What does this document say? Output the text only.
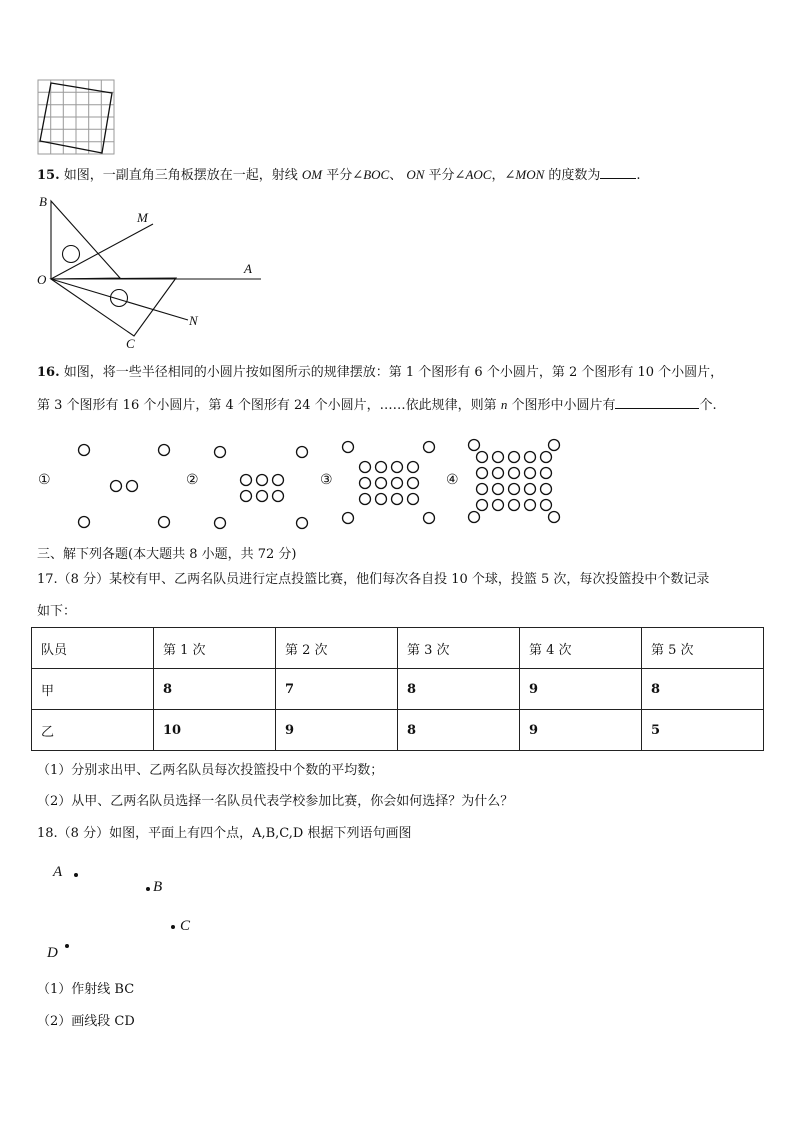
15. 如图，一副直角三角板摆放在一起，射线 OM 平分∠BOC、 ON 平分∠AOC，∠MON 的度数为	.
B
M
O
A
N
C
16. 如图，将一些半径相同的小圆片按如图所示的规律摆放：第 1 个图形有 6 个小圆片，第 2 个图形有 10 个小圆片，
第 3 个图形有 16 个小圆片，第 4 个图形有 24 个小圆片，……依此规律，则第 n 个图形中小圆片有	个.
①	②	③	④
三、解下列各题(本大题共 8 小题，共 72 分)
17.（8 分）某校有甲、乙两名队员进行定点投篮比赛，他们每次各自投 10 个球，投篮 5 次，每次投篮投中个数记录
如下：
队员	第 1 次	第 2 次	第 3 次	第 4 次	第 5 次
甲	8	7	8	9	8
乙	10	9	8	9	5
（1）分别求出甲、乙两名队员每次投篮投中个数的平均数；
（2）从甲、乙两名队员选择一名队员代表学校参加比赛，你会如何选择？为什么？
18.（8 分）如图，平面上有四个点，A,B,C,D 根据下列语句画图
A
B
C
D
（1）作射线 BC
（2）画线段 CD
